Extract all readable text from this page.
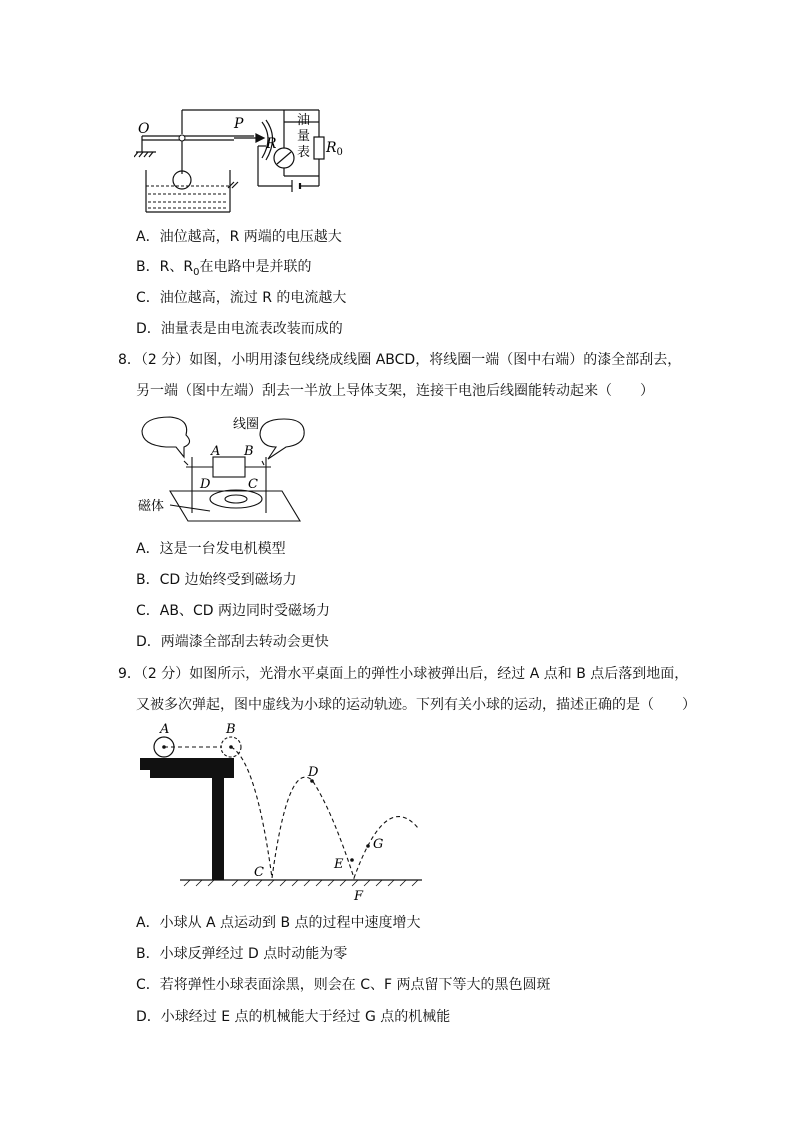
O	P
R	$R_0$
油
量
表
A．油位越高，R 两端的电压越大
B．R、$R_0$在电路中是并联的
C．油位越高，流过 R 的电流越大
D．油量表是由电流表改装而成的
8．（2 分）如图，小明用漆包线绕成线圈 ABCD，将线圈一端（图中右端）的漆全部刮去，
另一端（图中左端）刮去一半放上导体支架，连接干电池后线圈能转动起来（　　）
线圈
A B
D	C
磁体
A．这是一台发电机模型
B．CD 边始终受到磁场力
C．AB、CD 两边同时受磁场力
D．两端漆全部刮去转动会更快
9．（2 分）如图所示，光滑水平桌面上的弹性小球被弹出后，经过 A 点和 B 点后落到地面，
又被多次弹起，图中虚线为小球的运动轨迹。下列有关小球的运动，描述正确的是（　　）
A	B
D
C
E
G
F
A．小球从 A 点运动到 B 点的过程中速度增大
B．小球反弹经过 D 点时动能为零
C．若将弹性小球表面涂黑，则会在 C、F 两点留下等大的黑色圆斑
D．小球经过 E 点的机械能大于经过 G 点的机械能
